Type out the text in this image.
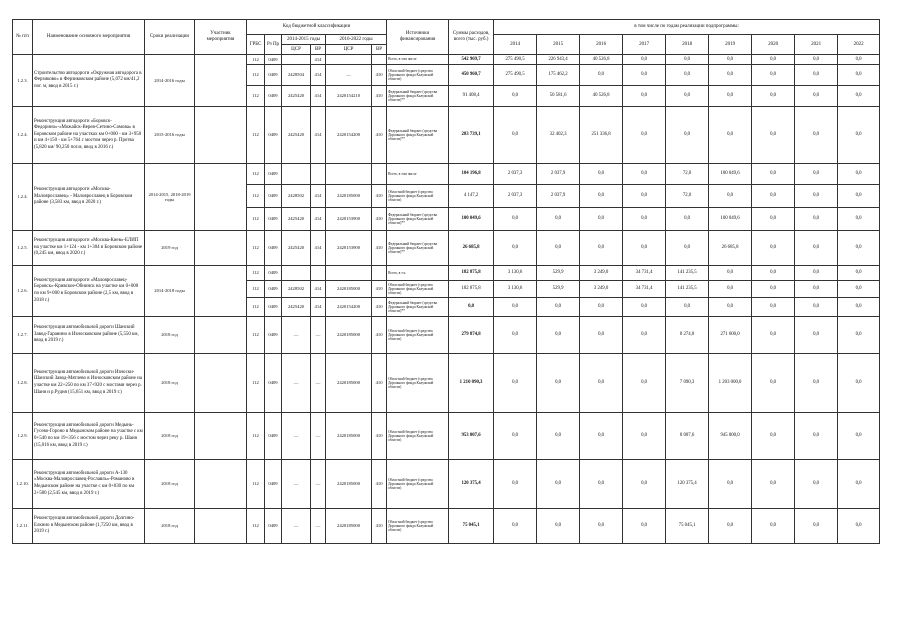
№ п/п	Наименование основного мероприятия	Сроки реализации	Участник мероприятия	Код бюджетной классификации						Источники финансирования	Суммы расходов, всего (тыс. руб.)	в том числе по годам реализации подпрограммы:								
				ГРБС	Рз Пр	2014-2015 годы		2016-2022 годы				2014	2015	2016	2017	2018	2019	2020	2021	2022
						ЦСР	ВР	ЦСР	ВР											
1.2.3.	Строительство автодороги «Окружная автодорога в Ферзиково» в Ферзиковском районе (5,072 км/41,2 пог. м, ввод в 2015 г.)	2014-2016 годы		112	0409		414			Всего, в том числе	542 969,7	275 490,5	226 943,4	40 526,8	0,0	0,0	0,0	0,0	0,0	0,0
				112	0409	2428504	414	—	410	Областной бюджет (средства Дорожного фонда Калужской области)	450 960,7	275 490,5	175 462,2	0,0	0,0	0,0	0,0	0,0	0,0	0,0
				112	0409	2425420	414	2420154210	410	Федеральный бюджет (средства Дорожного фонда Калужской области)**	91 408,4	0,0	50 581,6	40 526,8	0,0	0,0	0,0	0,0	0,0	0,0
1.2.4.	Реконструкция автодороги «Боровск-Федорино»-«Можайск-Верея-Сетино-Сомова» в Боровском районе на участках км 0+000 - км 3+950 и км 4+150 - км 5+764 с мостом через р. Протва (5,820 км/ 90,250 пог.м, ввод в 2016 г.)	2015-2016 годы		112	0409	2425420	414	2420154200	410	Федеральный бюджет (средства Дорожного фонда Калужской области)**	283 739,1	0,0	32 402,3	251 336,8	0,0	0,0	0,0	0,0	0,0	0,0
1.2.4.	Реконструкция автодороги «Москва-Малоярославец» - Малоярославец в Боровском районе (3,583 км, ввод в 2020 г.)	2014-2015, 2018-2019 годы		112	0409					Всего, в том числе	104 196,8	2 037,3	2 037,9	0,0	0,0	72,0	100 049,6	0,0	0,0	0,0
				112	0409	2428502	414	2420185000	410	Областной бюджет (средства Дорожного фонда Калужской области)	4 147,2	2 037,3	2 037,9	0,0	0,0	72,0	0,0	0,0	0,0	0,0
				112	0409	2425420	414	2420153900	410	Федеральный бюджет (средства Дорожного фонда Калужской области)**	100 049,6	0,0	0,0	0,0	0,0	0,0	100 049,6	0,0	0,0	0,0
1.2.5.	Реконструкция автодороги «Москва-Киев»-ЕЛИП на участке км 1+124 - км 1+304 в Боровском районе (0,245 км, ввод в 2020 г.)	2019 год		112	0409	2425420	414	2420153900	410	Федеральный бюджет (средства Дорожного фонда Калужской области)**	26 685,8	0,0	0,0	0,0	0,0	0,0	26 685,8	0,0	0,0	0,0
1.2.6.	Реконструкция автодороги «Малоярославец-Боровск»-Кривское-Обнинск на участке км 0+000 по км 9+000 в Боровском районе (2,5 км, ввод в 2018 г.)	2014-2018 годы		112	0409					Всего, в т.ч.	182 875,8	3 130,6	529,9	3 249,0	34 731,4	141 235,5	0,0	0,0	0,0	0,0
				112	0409	2428502	414	2420185000	410	Областной бюджет (средства Дорожного фонда Калужской области)	182 875,8	3 130,6	529,9	3 249,0	34 731,4	141 235,5	0,0	0,0	0,0	0,0
				112	0409	2425420	414	2420154200	410	Федеральный бюджет (средства Дорожного фонда Калужской области)**	0,0	0,0	0,0	0,0	0,0	0,0	0,0	0,0	0,0	0,0
1.2.7.	Реконструкция автомобильной дороги Шанский Завод-Гаранино в Износковском районе (5,550 км, ввод в 2019 г.)	2018 год		112	0409	—	—	2420185000	410	Областной бюджет (средства Дорожного фонда Калужской области)	279 874,8	0,0	0,0	0,0	0,0	8 274,8	271 600,0	0,0	0,0	0,0
1.2.8.	Реконструкция автомобильной дороги Износки-Шанский Завод-Мятлево в Износковском районе на участке км 22+250 по км 37+920 с мостами через р. Шаня и р.Рудня (15,651 км, ввод в 2019 г.)	2018 год		112	0409	—	—	2420185000	410	Областной бюджет (средства Дорожного фонда Калужской области)	1 210 090,3	0,0	0,0	0,0	0,0	7 090,3	1 203 000,0	0,0	0,0	0,0
1.2.9.	Реконструкция автомобильной дороги Медынь-Гусево-Гороно в Медынском районе на участке с км 0+540 по км 19+356 с мостом через реку р. Шаня (15,016 км, ввод в 2019 г.)	2018 год		112	0409	—	—	2420185000	410	Областной бюджет (средства Дорожного фонда Калужской области)	953 007,6	0,0	0,0	0,0	0,0	8 007,6	945 000,0	0,0	0,0	0,0
1.2.10.	Реконструкция автомобильной дороги А-130 «Москва-Малоярославец-Рославль»-Романово в Медынском районе на участке с км 0+030 по км 2+580 (2,545 км, ввод в 2019 г.)	2018 год		112	0409	—	—	2420185000	410	Областной бюджет (средства Дорожного фонда Калужской области)	120 375,4	0,0	0,0	0,0	0,0	120 375,4	0,0	0,0	0,0	0,0
1.2.11.	Реконструкция автомобильной дороги Долгино-Елкино в Медынском районе (1,7250 км, ввод в 2019 г.)	2018 год		112	0409	—	—	2420185000	410	Областной бюджет (средства Дорожного фонда Калужской области)	75 045,1	0,0	0,0	0,0	0,0	75 045,1	0,0	0,0	0,0	0,0
